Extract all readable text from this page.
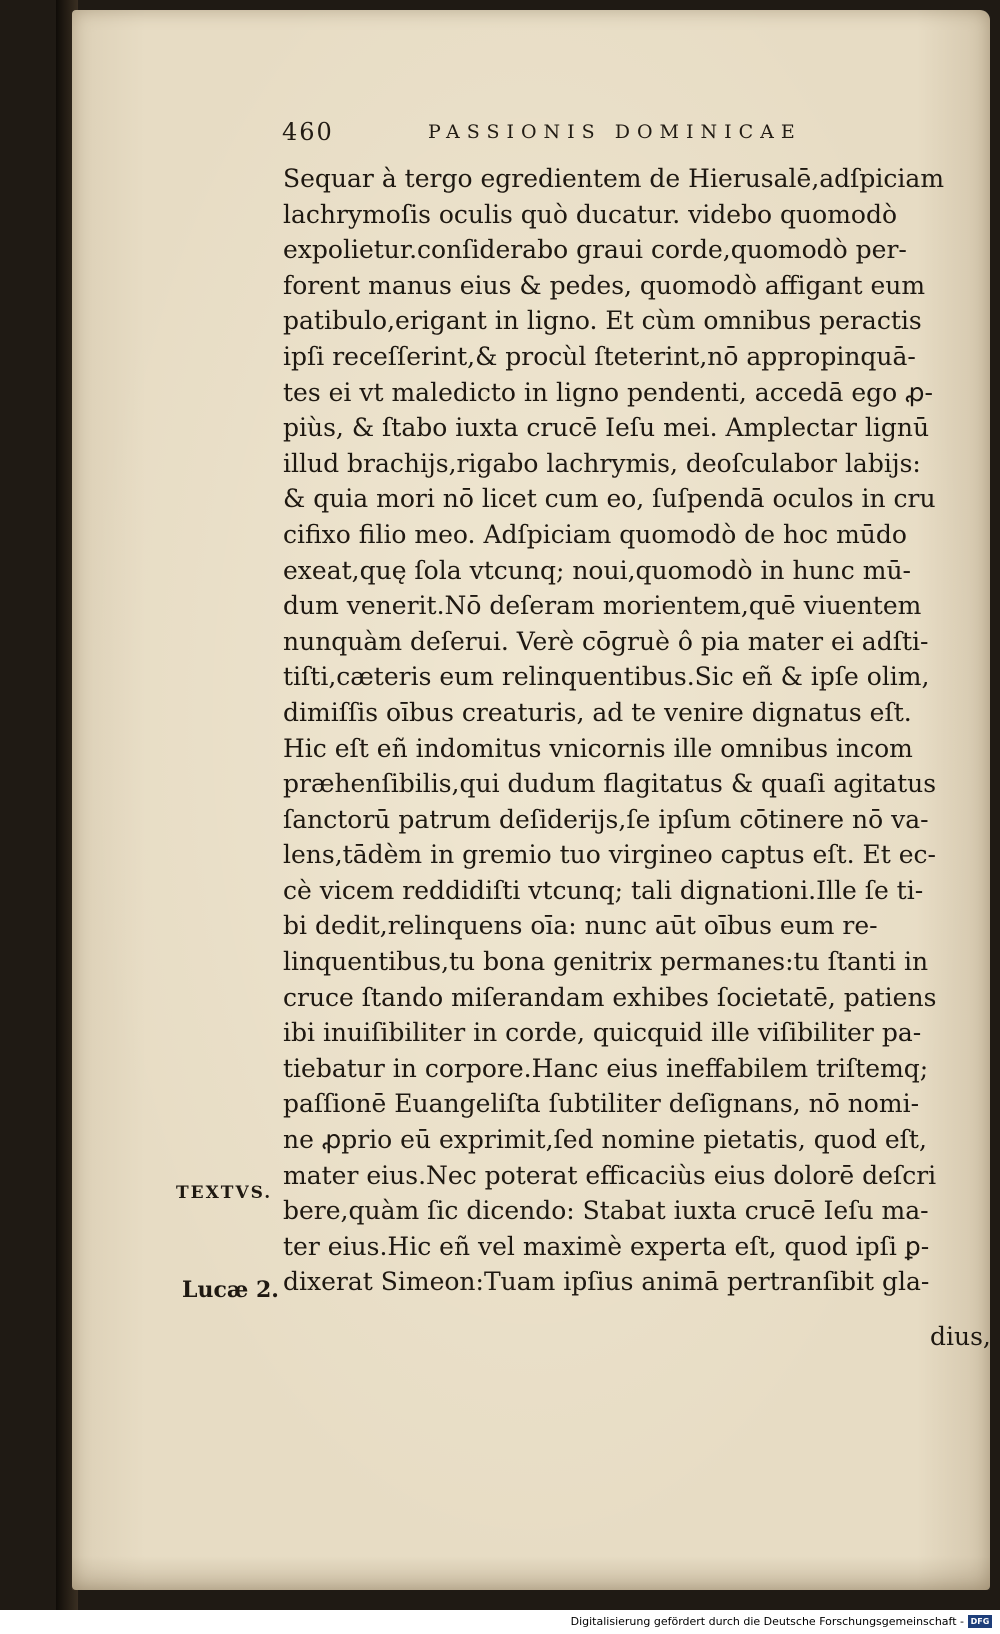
460	PASSIONIS DOMINICAE
Sequar à tergo egredientem de Hierusalē,adſpiciam
lachrymoſis oculis quò ducatur. videbo quomodò
expolietur.conſiderabo graui corde,quomodò per-
forent manus eius & pedes, quomodò affigant eum
patibulo,erigant in ligno. Et cùm omnibus peractis
ipſi receſſerint,& procùl ſteterint,nō appropinquā-
tes ei vt maledicto in ligno pendenti, accedā ego ꝓ-
piùs, & ſtabo iuxta crucē Ieſu mei. Amplectar lignū
illud brachijs,rigabo lachrymis, deoſculabor labijs:
& quia mori nō licet cum eo, ſuſpendā oculos in cru
cifixo filio meo. Adſpiciam quomodò de hoc mūdo
exeat,quę ſola vtcunq; noui,quomodò in hunc mū-
dum venerit.Nō deſeram morientem,quē viuentem
nunquàm deſerui. Verè cōgruè ô pia mater ei adſti-
tiſti,cæteris eum relinquentibus.Sic eñ & ipſe olim,
dimiſſis oībus creaturis, ad te venire dignatus eſt.
Hic eſt eñ indomitus vnicornis ille omnibus incom
præhenſibilis,qui dudum flagitatus & quaſi agitatus
ſanctorū patrum deſiderijs,ſe ipſum cōtinere nō va-
lens,tādèm in gremio tuo virgineo captus eſt. Et ec-
cè vicem reddidiſti vtcunq; tali dignationi.Ille ſe ti-
bi dedit,relinquens oīa: nunc aūt oībus eum re-
linquentibus,tu bona genitrix permanes:tu ſtanti in
cruce ſtando miſerandam exhibes ſocietatē, patiens
ibi inuiſibiliter in corde, quicquid ille viſibiliter pa-
tiebatur in corpore.Hanc eius ineffabilem triſtemq;
paſſionē Euangeliſta ſubtiliter deſignans, nō nomi-
ne ꝓprio eū exprimit,ſed nomine pietatis, quod eſt,
mater eius.Nec poterat efficaciùs eius dolorē deſcri
bere,quàm ſic dicendo: Stabat iuxta crucē Ieſu ma-
ter eius.Hic eñ vel maximè experta eſt, quod ipſi ꝑ-
dixerat Simeon:Tuam ipſius animā pertranſibit gla-
TEXTVS.
Lucæ 2.
dius,
Digitalisierung gefördert durch die Deutsche Forschungsgemeinschaft - DFG
